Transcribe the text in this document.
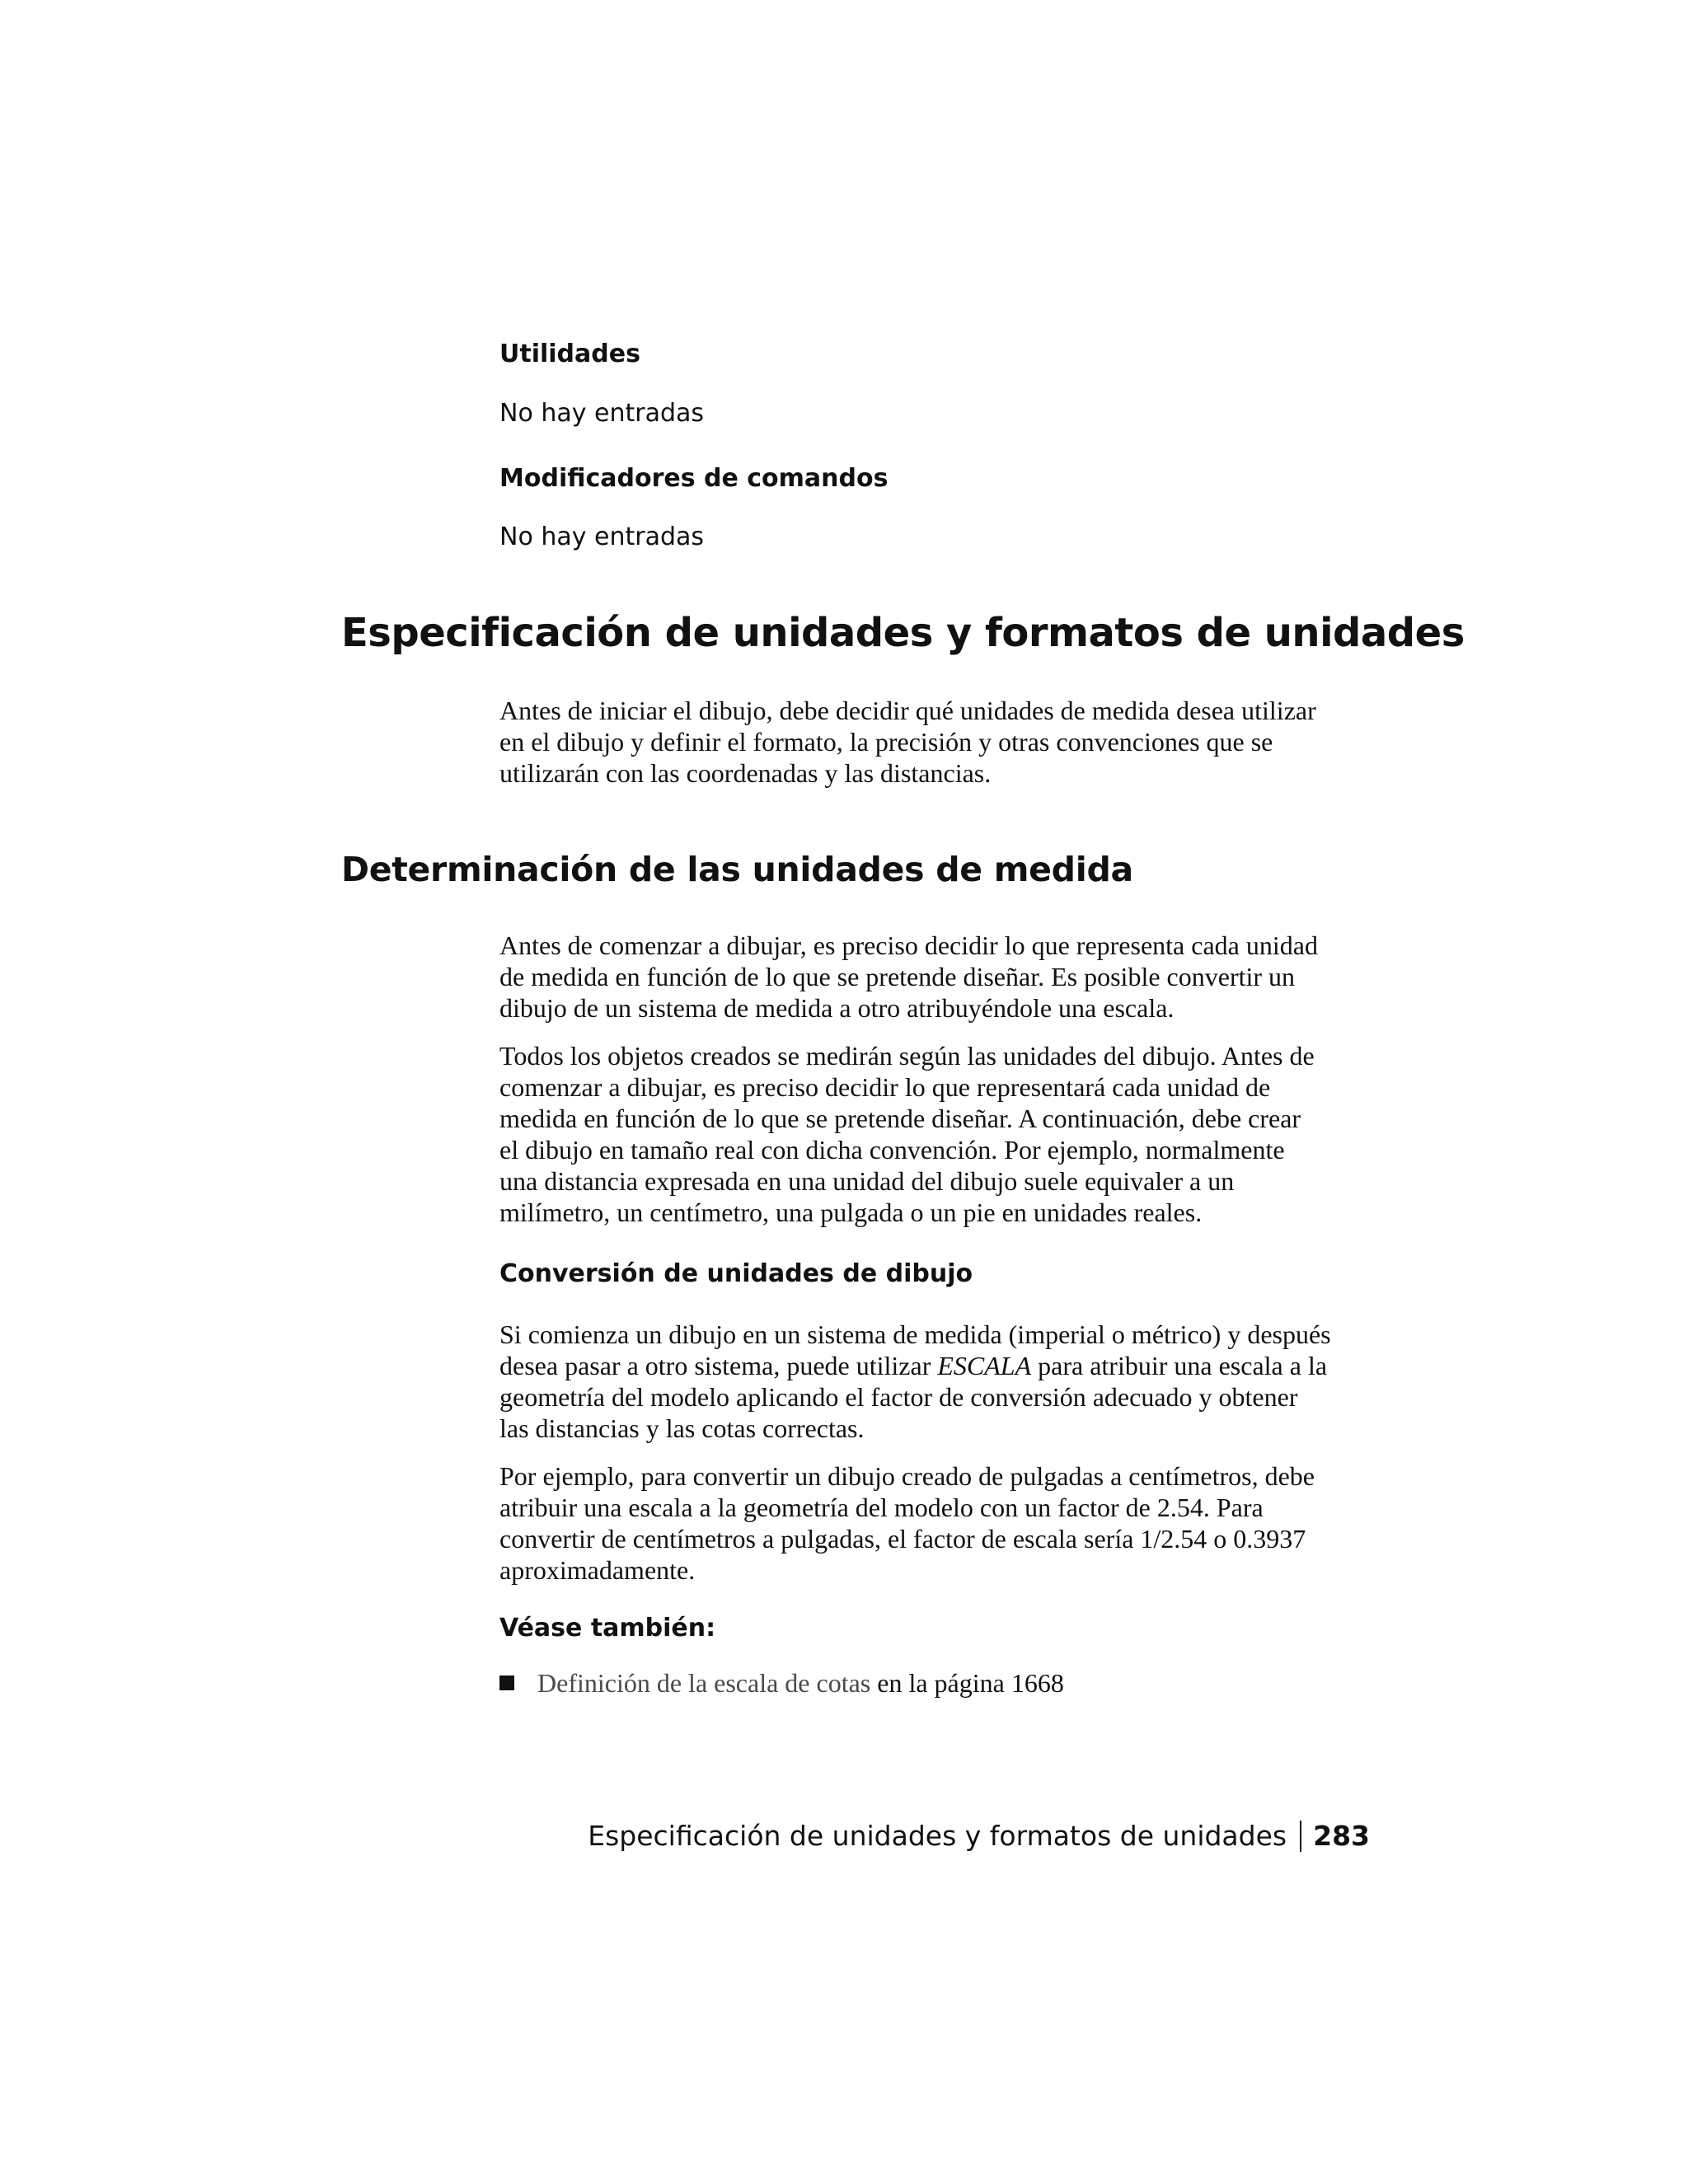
Utilidades

No hay entradas

Modificadores de comandos

No hay entradas

Especificación de unidades y formatos de unidades

Antes de iniciar el dibujo, debe decidir qué unidades de medida desea utilizar
en el dibujo y definir el formato, la precisión y otras convenciones que se
utilizarán con las coordenadas y las distancias.

Determinación de las unidades de medida

Antes de comenzar a dibujar, es preciso decidir lo que representa cada unidad
de medida en función de lo que se pretende diseñar. Es posible convertir un
dibujo de un sistema de medida a otro atribuyéndole una escala.

Todos los objetos creados se medirán según las unidades del dibujo. Antes de
comenzar a dibujar, es preciso decidir lo que representará cada unidad de
medida en función de lo que se pretende diseñar. A continuación, debe crear
el dibujo en tamaño real con dicha convención. Por ejemplo, normalmente
una distancia expresada en una unidad del dibujo suele equivaler a un
milímetro, un centímetro, una pulgada o un pie en unidades reales.

Conversión de unidades de dibujo

Si comienza un dibujo en un sistema de medida (imperial o métrico) y después
desea pasar a otro sistema, puede utilizar ESCALA para atribuir una escala a la
geometría del modelo aplicando el factor de conversión adecuado y obtener
las distancias y las cotas correctas.

Por ejemplo, para convertir un dibujo creado de pulgadas a centímetros, debe
atribuir una escala a la geometría del modelo con un factor de 2.54. Para
convertir de centímetros a pulgadas, el factor de escala sería 1/2.54 o 0.3937
aproximadamente.

Véase también:
Definición de la escala de cotas en la página 1668
Especificación de unidades y formatos de unidades 283
